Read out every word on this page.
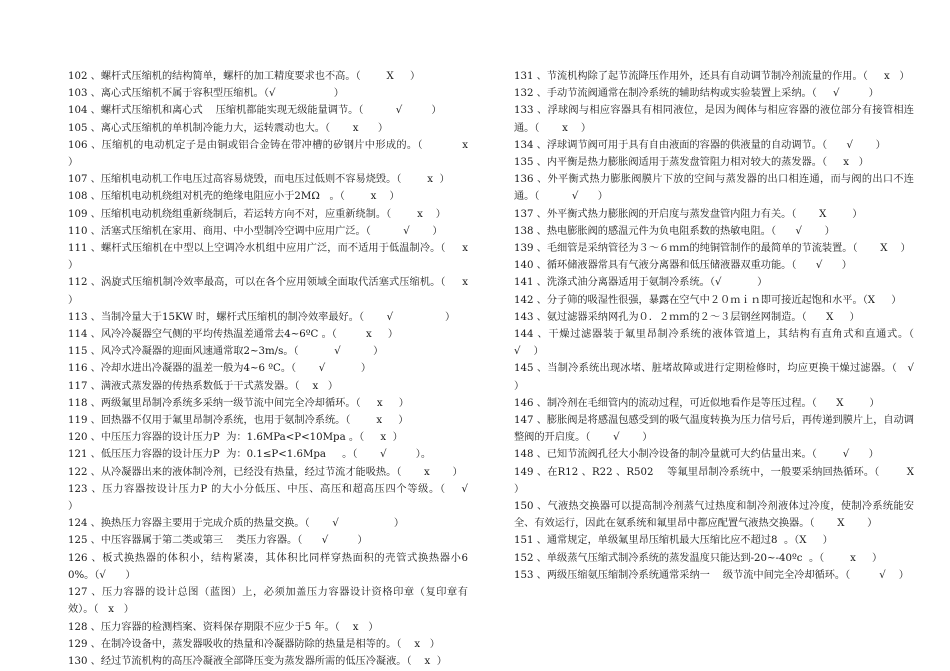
102 、螺杆式压缩机的结构简单，螺杆的加工精度要求也不高。（        X     ）
103 、离心式压缩机不属于容积型压缩机。（√                  ）
104 、螺杆式压缩机和离心式    压缩机都能实现无级能量调节。（          √         ）
105 、离心式压缩机的单机制冷能力大，运转震动也大。（       x      ）
106 、压缩机的电动机定子是由铜或铝合金铸在带冲槽的矽钢片中形成的。（           x      ）
107 、压缩机电动机工作电压过高容易烧毁，而电压过低则不容易烧毁。（        x  ）
108 、压缩机电动机绕组对机壳的绝缘电阻应小于2MΩ   。（        x    ）
109 、压缩机电动机绕组重新绕制后，若运转方向不对，应重新绕制。（        x    ）
110 、活塞式压缩机在家用、商用、中小型制冷空调中应用广泛。（          √       ）
111 、螺杆式压缩机在中型以上空调冷水机组中应用广泛，而不适用于低温制冷。（     x   ）
112 、涡旋式压缩机制冷效率最高，可以在各个应用领域全面取代活塞式压缩机。（     x   ）
113 、当制冷量大于15KW 时，螺杆式压缩机的制冷效率最好。（       √                ）
114 、风冷冷凝器空气侧的平均传热温差通常去4~6ºC 。（         x     ）
115 、风冷式冷凝器的迎面风速通常取2~3m/s。（           √          ）
116 、冷却水进出冷凝器的温差一般为4~6 ºC。（       √           ）
117 、满液式蒸发器的传热系数低于干式蒸发器。（    x   ）
118 、两级氟里昂制冷系统多采纳一级节流中间完全冷却循环。（     x     ）
119 、回热器不仅用于氟里昂制冷系统，也用于氨制冷系统。（        x     ）
120 、中压压力容器的设计压力P  为：1.6MPa<P<10Mpa 。（     x  ）
121 、低压压力容器的设计压力P  为：0.1≤P<1.6Mpa     。（       √         ）。
122 、从冷凝器出来的液体制冷剂，已经没有热量，经过节流才能吸热。（       x       ）
123 、压力容器按设计压力P 的大小分低压、中压、高压和超高压四个等级。（    √         ）
124 、换热压力容器主要用于完成介质的热量交换。（       √                 ）
125 、中压容器属于第二类或第三    类压力容器。（      √         ）
126 、板式换热器的体积小，结构紧凑，其体积比同样穿热面积的壳管式换热器小60%。（√      ）
127 、压力容器的设计总图（蓝图）上，必须加盖压力容器设计资格印章（复印章有效）。（   x   ）
128 、压力容器的检测档案、资料保存期限不应少于5 年。（    x   ）
129 、在制冷设备中，蒸发器吸收的热量和冷凝器防除的热量是相等的。（    x   ）
130 、经过节流机构的高压冷凝液全部降压变为蒸发器所需的低压冷凝液。（    x  ）
131 、节流机构除了起节流降压作用外，还具有自动调节制冷剂流量的作用。（     x   ）
132 、手动节流阀通常在制冷系统的辅助结构或实验装置上采纳。（     √         ）
133 、浮球阀与相应容器具有相同液位，是因为阀体与相应容器的液位部分有接管相连通。（       x    ）
134 、浮球调节阀可用于具有自由液面的容器的供液量的自动调节。（      √       ）
135 、内平衡是热力膨胀阀适用于蒸发盘管阻力相对较大的蒸发器。（     x   ）
136 、外平衡式热力膨胀阀膜片下放的空间与蒸发器的出口相连通，而与阀的出口不连通。（          √      ）
137 、外平衡式热力膨胀阀的开启度与蒸发盘管内阻力有关。（       X        ）
138 、热电膨胀阀的感温元件为负电阻系数的热敏电阻。（      √       ）
139 、毛细管是采纳管径为３～６ｍｍ的纯铜管制作的最简单的节流装置。（       X    ）
140 、循环储液器常具有气液分离器和低压储液器双重功能。（      √      ）
141 、洗涤式油分离器适用于氨制冷系统。（√           ）
142 、分子筛的吸湿性很强，暴露在空气中２０ｍｉｎ即可接近起饱和水平。（X     ）
143 、氨过滤器采纳网孔为０．２ｍｍ的２～３层钢丝网制造。（      X     ）
144 、干燥过滤器装于氟里昂制冷系统的液体管道上，其结构有直角式和直通式。（        √    ）
145 、当制冷系统出现冰堵、脏堵故障或进行定期检修时，均应更换干燥过滤器。（   √     ）
146 、制冷剂在毛细管内的流动过程，可近似地看作是等压过程。（      X        ）
147 、膨胀阀是将感温包感受到的吸气温度转换为压力信号后，再传递到膜片上，自动调整阀的开启度。（       √       ）
148 、已知节流阀孔径大小制冷设备的制冷量就可大约估量出来。（        √      ）
149 、在R12 、R22 、R502    等氟里昂制冷系统中，一般要采纳回热循环。（        X   ）
150 、气液热交换器可以提高制冷剂蒸气过热度和制冷剂液体过冷度，使制冷系统能安全、有效运行，因此在氨系统和氟里昂中都应配置气液热交换器。（       X       ）
151 、通常规定，单级氟里昂压缩机最大压缩比应不超过8  。（X     ）
152 、单级蒸气压缩式制冷系统的蒸发温度只能达到-20~-40ºc  。（        x     ）
153 、两级压缩氨压缩制冷系统通常采纳一    级节流中间完全冷却循环。（         √    ）
